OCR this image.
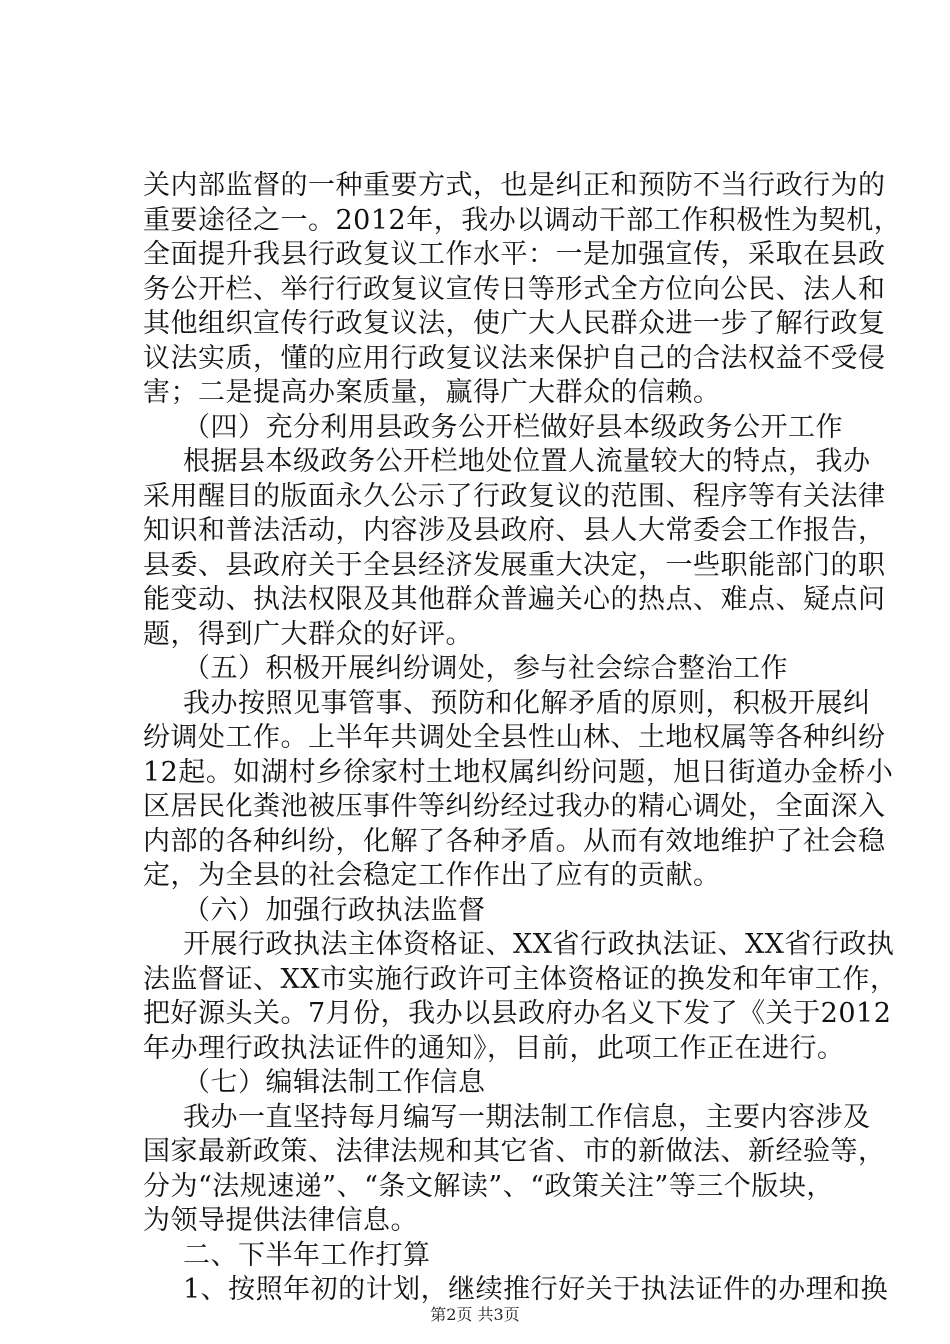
关内部监督的一种重要方式，也是纠正和预防不当行政行为的
重要途径之一。2012年，我办以调动干部工作积极性为契机，
全面提升我县行政复议工作水平：一是加强宣传，采取在县政
务公开栏、举行行政复议宣传日等形式全方位向公民、法人和
其他组织宣传行政复议法，使广大人民群众进一步了解行政复
议法实质，懂的应用行政复议法来保护自己的合法权益不受侵
害；二是提高办案质量，赢得广大群众的信赖。
（四）充分利用县政务公开栏做好县本级政务公开工作
根据县本级政务公开栏地处位置人流量较大的特点，我办
采用醒目的版面永久公示了行政复议的范围、程序等有关法律
知识和普法活动，内容涉及县政府、县人大常委会工作报告，
县委、县政府关于全县经济发展重大决定，一些职能部门的职
能变动、执法权限及其他群众普遍关心的热点、难点、疑点问
题，得到广大群众的好评。
（五）积极开展纠纷调处，参与社会综合整治工作
我办按照见事管事、预防和化解矛盾的原则，积极开展纠
纷调处工作。上半年共调处全县性山林、土地权属等各种纠纷
12起。如湖村乡徐家村土地权属纠纷问题，旭日街道办金桥小
区居民化粪池被压事件等纠纷经过我办的精心调处，全面深入
内部的各种纠纷，化解了各种矛盾。从而有效地维护了社会稳
定，为全县的社会稳定工作作出了应有的贡献。
（六）加强行政执法监督
开展行政执法主体资格证、XX省行政执法证、XX省行政执
法监督证、XX市实施行政许可主体资格证的换发和年审工作，
把好源头关。7月份，我办以县政府办名义下发了《关于2012
年办理行政执法证件的通知》，目前，此项工作正在进行。
（七）编辑法制工作信息
我办一直坚持每月编写一期法制工作信息，主要内容涉及
国家最新政策、法律法规和其它省、市的新做法、新经验等，
分为“法规速递”、“条文解读”、“政策关注”等三个版块，
为领导提供法律信息。
二、下半年工作打算
1、按照年初的计划，继续推行好关于执法证件的办理和换
第2页 共3页
